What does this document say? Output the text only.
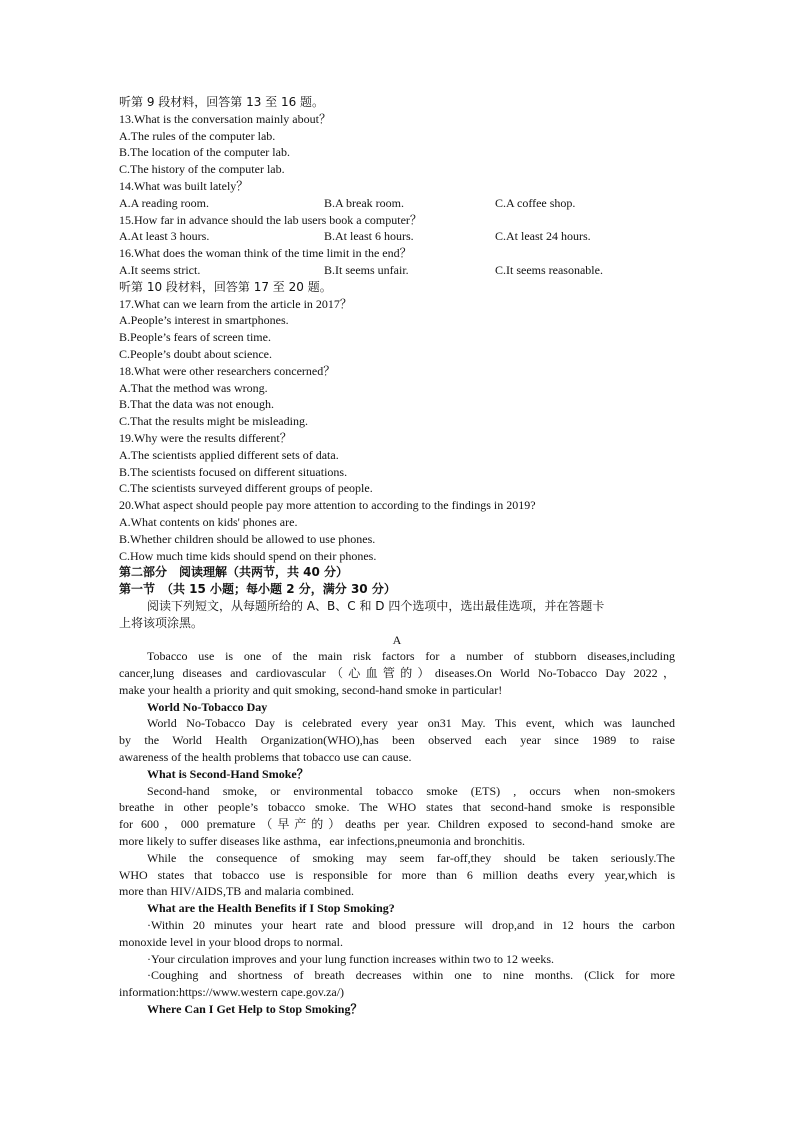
听第 9 段材料，回答第 13 至 16 题。
13.What is the conversation mainly about？
A.The rules of the computer lab.
B.The location of the computer lab.
C.The history of the computer lab.
14.What was built lately？
A.A reading room.	B.A break room.	C.A coffee shop.
15.How far in advance should the lab users book a computer？
A.At least 3 hours.	B.At least 6 hours.	C.At least 24 hours.
16.What does the woman think of the time limit in the end？
A.It seems strict.	B.It seems unfair.	C.It seems reasonable.
听第 10 段材料，回答第 17 至 20 题。
17.What can we learn from the article in 2017？
A.People’s interest in smartphones.
B.People’s fears of screen time.
C.People’s doubt about science.
18.What were other researchers concerned？
A.That the method was wrong.
B.That the data was not enough.
C.That the results might be misleading.
19.Why were the results different？
A.The scientists applied different sets of data.
B.The scientists focused on different situations.
C.The scientists surveyed different groups of people.
20.What aspect should people pay more attention to according to the findings in 2019?
A.What contents on kids' phones are.
B.Whether children should be allowed to use phones.
C.How much time kids should spend on their phones.
第二部分　阅读理解（共两节，共 40 分）
第一节　（共 15 小题；每小题 2 分，满分 30 分）
阅读下列短文，从每题所给的 A、B、C 和 D 四个选项中，选出最佳选项，并在答题卡
上将该项涂黑。
A
Tobacco use is one of the main risk factors for a number of stubborn diseases,including
cancer,lung diseases and cardiovascular（心血管的）diseases.On World No-Tobacco Day 2022，
make your health a priority and quit smoking, second-hand smoke in particular!
World No-Tobacco Day
World No-Tobacco Day is celebrated every year on31 May. This event, which was launched
by the World Health Organization(WHO),has been observed each year since 1989 to raise
awareness of the health problems that tobacco use can cause.
What is Second-Hand Smoke？
Second-hand smoke, or environmental tobacco smoke (ETS) , occurs when non-smokers
breathe in other people’s tobacco smoke. The WHO states that second-hand smoke is responsible
for 600，000 premature（早产的）deaths per year. Children exposed to second-hand smoke are
more likely to suffer diseases like asthma，ear infections,pneumonia and bronchitis.
While the consequence of smoking may seem far-off,they should be taken seriously.The
WHO states that tobacco use is responsible for more than 6 million deaths every year,which is
more than HIV/AIDS,TB and malaria combined.
What are the Health Benefits if I Stop Smoking?
·Within 20 minutes your heart rate and blood pressure will drop,and in 12 hours the carbon
monoxide level in your blood drops to normal.
·Your circulation improves and your lung function increases within two to 12 weeks.
·Coughing and shortness of breath decreases within one to nine months. (Click for more
information:https://www.western cape.gov.za/)
Where Can I Get Help to Stop Smoking？
